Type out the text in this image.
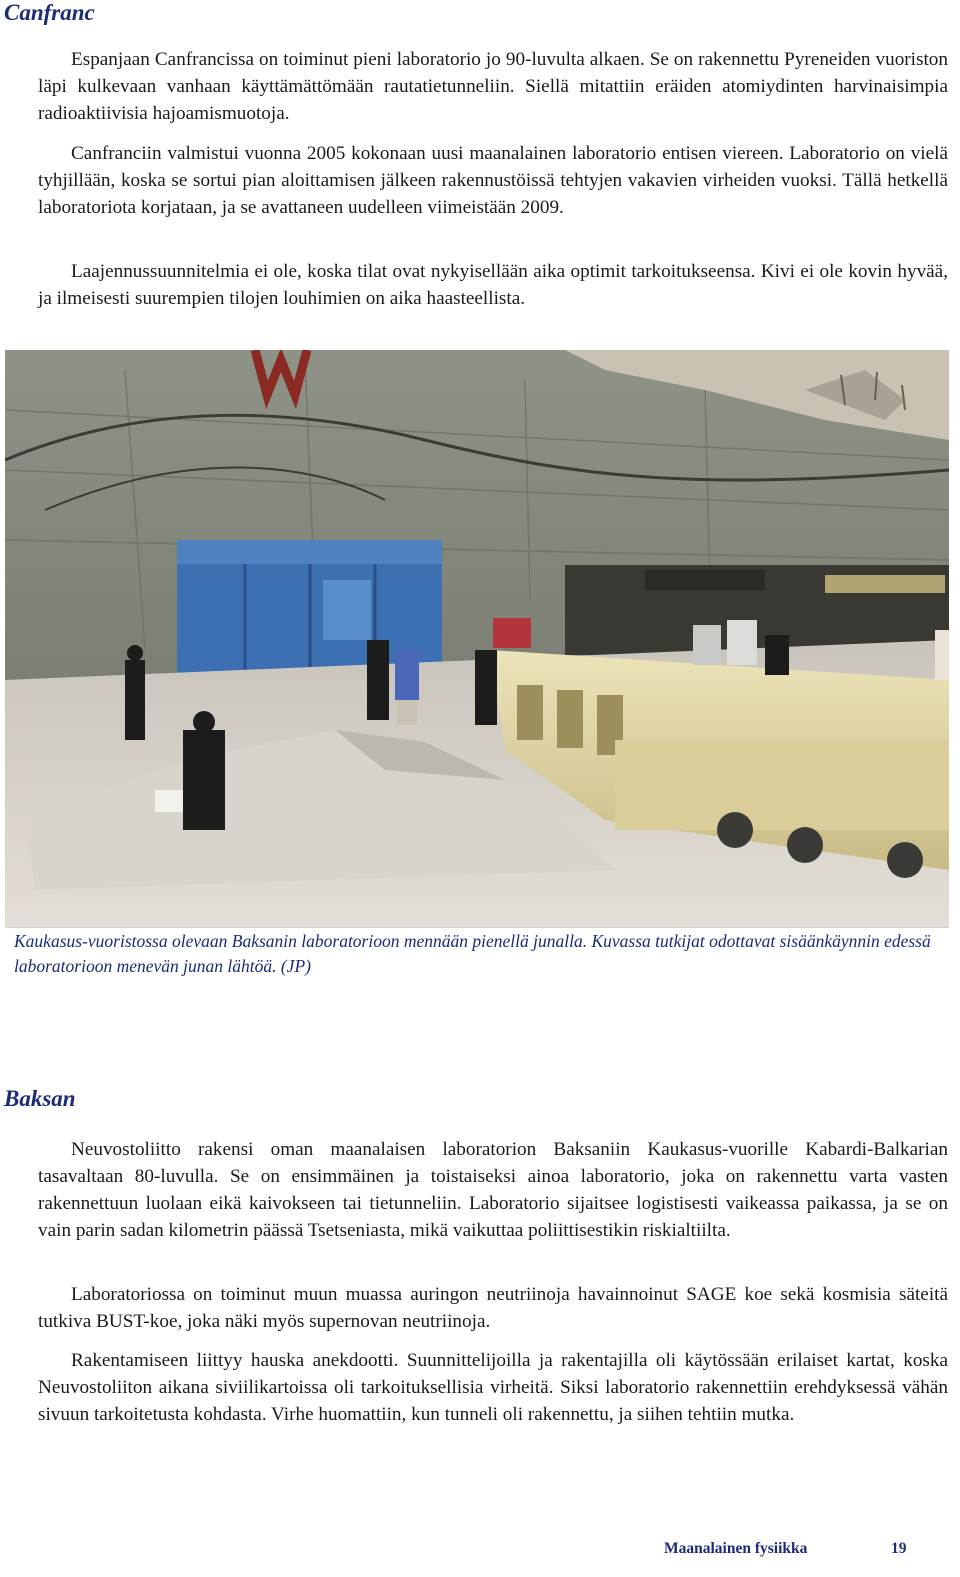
Canfranc

Espanjaan Canfrancissa on toiminut pieni laboratorio jo 90-luvulta alkaen. Se on rakennettu Pyreneiden vuoriston läpi kulkevaan vanhaan käyttämättömään rautatietunneliin. Siellä mitattiin eräiden atomiydinten harvinaisimpia radioaktiivisia hajoamismuotoja.

Canfranciin valmistui vuonna 2005 kokonaan uusi maanalainen laboratorio entisen viereen. Laboratorio on vielä tyhjillään, koska se sortui pian aloittamisen jälkeen rakennustöissä tehtyjen vakavien virheiden vuoksi. Tällä hetkellä laboratoriota korjataan, ja se avattaneen uudelleen viimeistään 2009.

Laajennussuunnitelmia ei ole, koska tilat ovat nykyisellään aika optimit tarkoitukseensa. Kivi ei ole kovin hyvää, ja ilmeisesti suurempien tilojen louhimien on aika haasteellista.

Kaukasus-vuoristossa olevaan Baksanin laboratorioon mennään pienellä junalla. Kuvassa tutkijat odottavat sisäänkäynnin edessä laboratorioon menevän junan lähtöä. (JP)

Baksan

Neuvostoliitto rakensi oman maanalaisen laboratorion Baksaniin Kaukasus-vuorille Kabardi-Balkarian tasavaltaan 80-luvulla. Se on ensimmäinen ja toistaiseksi ainoa laboratorio, joka on rakennettu varta vasten rakennettuun luolaan eikä kaivokseen tai tietunneliin. Laboratorio sijaitsee logistisesti vaikeassa paikassa, ja se on vain parin sadan kilometrin päässä Tsetseniasta, mikä vaikuttaa poliittisestikin riskialtiilta.

Laboratoriossa on toiminut muun muassa auringon neutriinoja havainnoinut SAGE koe sekä kosmisia säteitä tutkiva BUST-koe, joka näki myös supernovan neutriinoja.

Rakentamiseen liittyy hauska anekdootti. Suunnittelijoilla ja rakentajilla oli käytössään erilaiset kartat, koska Neuvostoliiton aikana siviilikartoissa oli tarkoituksellisia virheitä. Siksi laboratorio rakennettiin erehdyksessä vähän sivuun tarkoitetusta kohdasta. Virhe huomattiin, kun tunneli oli rakennettu, ja siihen tehtiin mutka.

Maanalainen fysiikka	19
